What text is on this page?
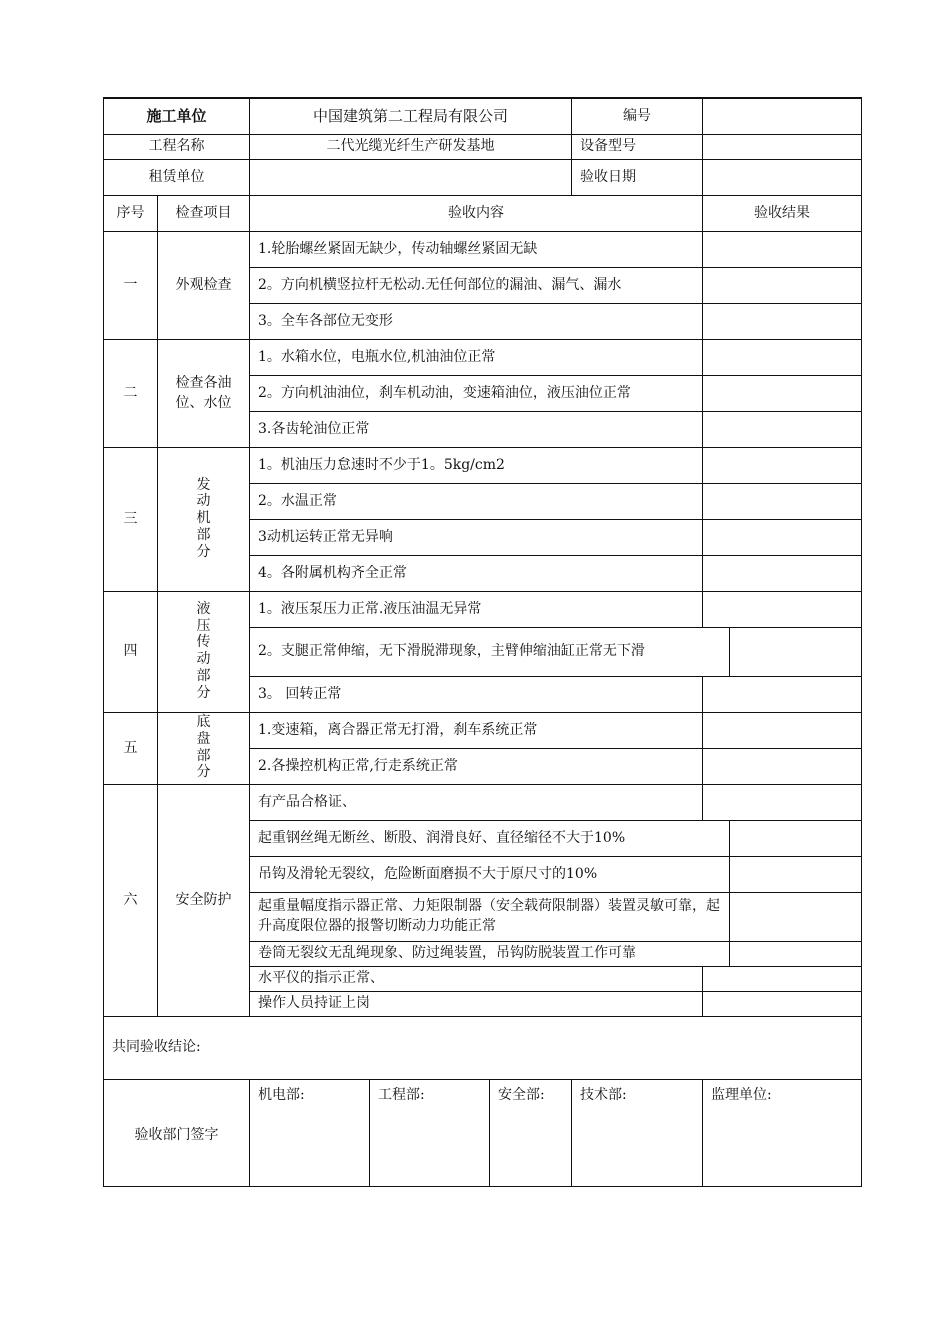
施工单位		中国建筑第二工程局有限公司			编号		
工程名称		二代光缆光纤生产研发基地			设备型号		
租赁单位					验收日期		
序号	检查项目	验收内容				验收结果	
一	外观检查	1.轮胎螺丝紧固无缺少，传动轴螺丝紧固无缺					
		2。方向机横竖拉杆无松动.无任何部位的漏油、漏气、漏水					
		3。全车各部位无变形					
二	检查各油位、水位	1。水箱水位，电瓶水位,机油油位正常					
		2。方向机油油位，刹车机动油，变速箱油位，液压油位正常					
		3.各齿轮油位正常					
三	发动机部分	1。机油压力怠速时不少于1。5kg/cm2					
		2。水温正常					
		3动机运转正常无异响					
		4。各附属机构齐全正常					
四	液压传动部分	1。液压泵压力正常.液压油温无异常					
		2。支腿正常伸缩，无下滑脱滞现象，主臂伸缩油缸正常无下滑					
		3。 回转正常					
五	底盘部分	1.变速箱，离合器正常无打滑，刹车系统正常					
		2.各操控机构正常,行走系统正常					
六	安全防护	有产品合格证、					
		起重钢丝绳无断丝、断股、润滑良好、直径缩径不大于10%					
		吊钩及滑轮无裂纹，危险断面磨损不大于原尺寸的10%					
		起重量幅度指示器正常、力矩限制器（安全载荷限制器）装置灵敏可靠，起升高度限位器的报警切断动力功能正常					
		卷筒无裂纹无乱绳现象、防过绳装置，吊钩防脱装置工作可靠					
		水平仪的指示正常、					
		操作人员持证上岗					
共同验收结论:							
验收部门签字		机电部:	工程部:	安全部:	技术部:	监理单位:	
